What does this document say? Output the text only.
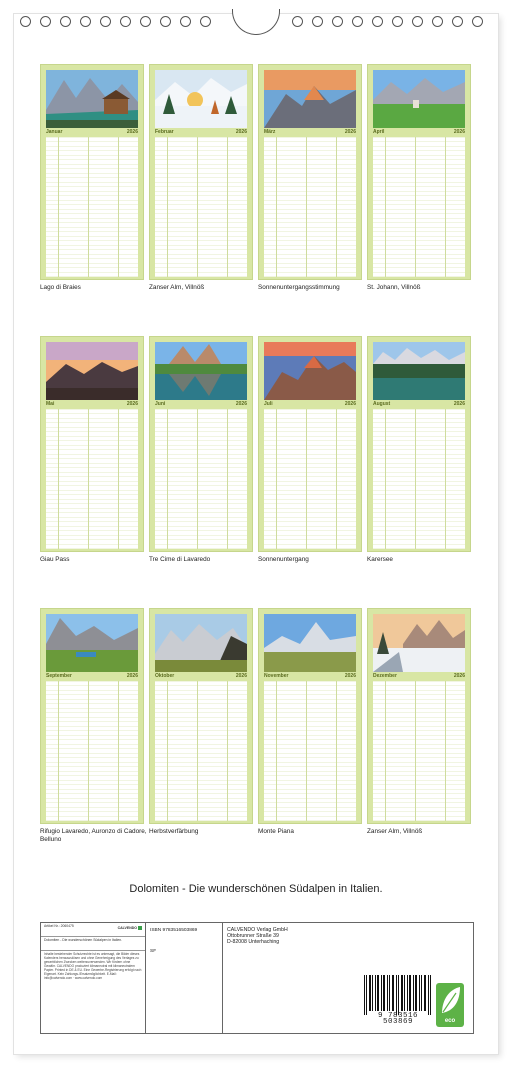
Januar	2026
Lago di Braies
Februar	2026
Zanser Alm, Villnöß
März	2026
Sonnenuntergangsstimmung
April	2026
St. Johann, Villnöß
Mai	2026
Giau Pass
Juni	2026
Tre Cime di Lavaredo
Juli	2026
Sonnenuntergang
August	2026
Karersee
September	2026
Rifugio Lavaredo, Auronzo di Cadore, Belluno
Oktober	2026
Herbstverfärbung
November	2026
Monte Piana
Dezember	2026
Zanser Alm, Villnöß
Dolomiten - Die wunderschönen Südalpen in Italien.
Artikel Nr.: 2060475	CALVENDO
Dolomiten - Die wunderschönen Südalpen in Italien.
Inhalte bestehender Schutzrechte ist es untersagt, die Bilder dieses Kalenders herauszulösen und ohne Genehmigung des Verlages zu gewerblichen Zwecken weiterzuverwenden. Wir fördern ohne Gewähr. CALVENDO produziert klimaneutral mit klimaneutralem Papier. Printed in DE & EU. Eine Gewerbe-Registrierung erfolgt nach Eigenart. Kein Zahlungs-/Ersatzmöglichkeit. E-Mail: info@calvendo.com · www.calvendo.com
ISBN 9783516503869
SF
CALVENDO Verlag GmbH
Ottobrunner Straße 39
D-82008 Unterhaching
9 783516 503869	eco
